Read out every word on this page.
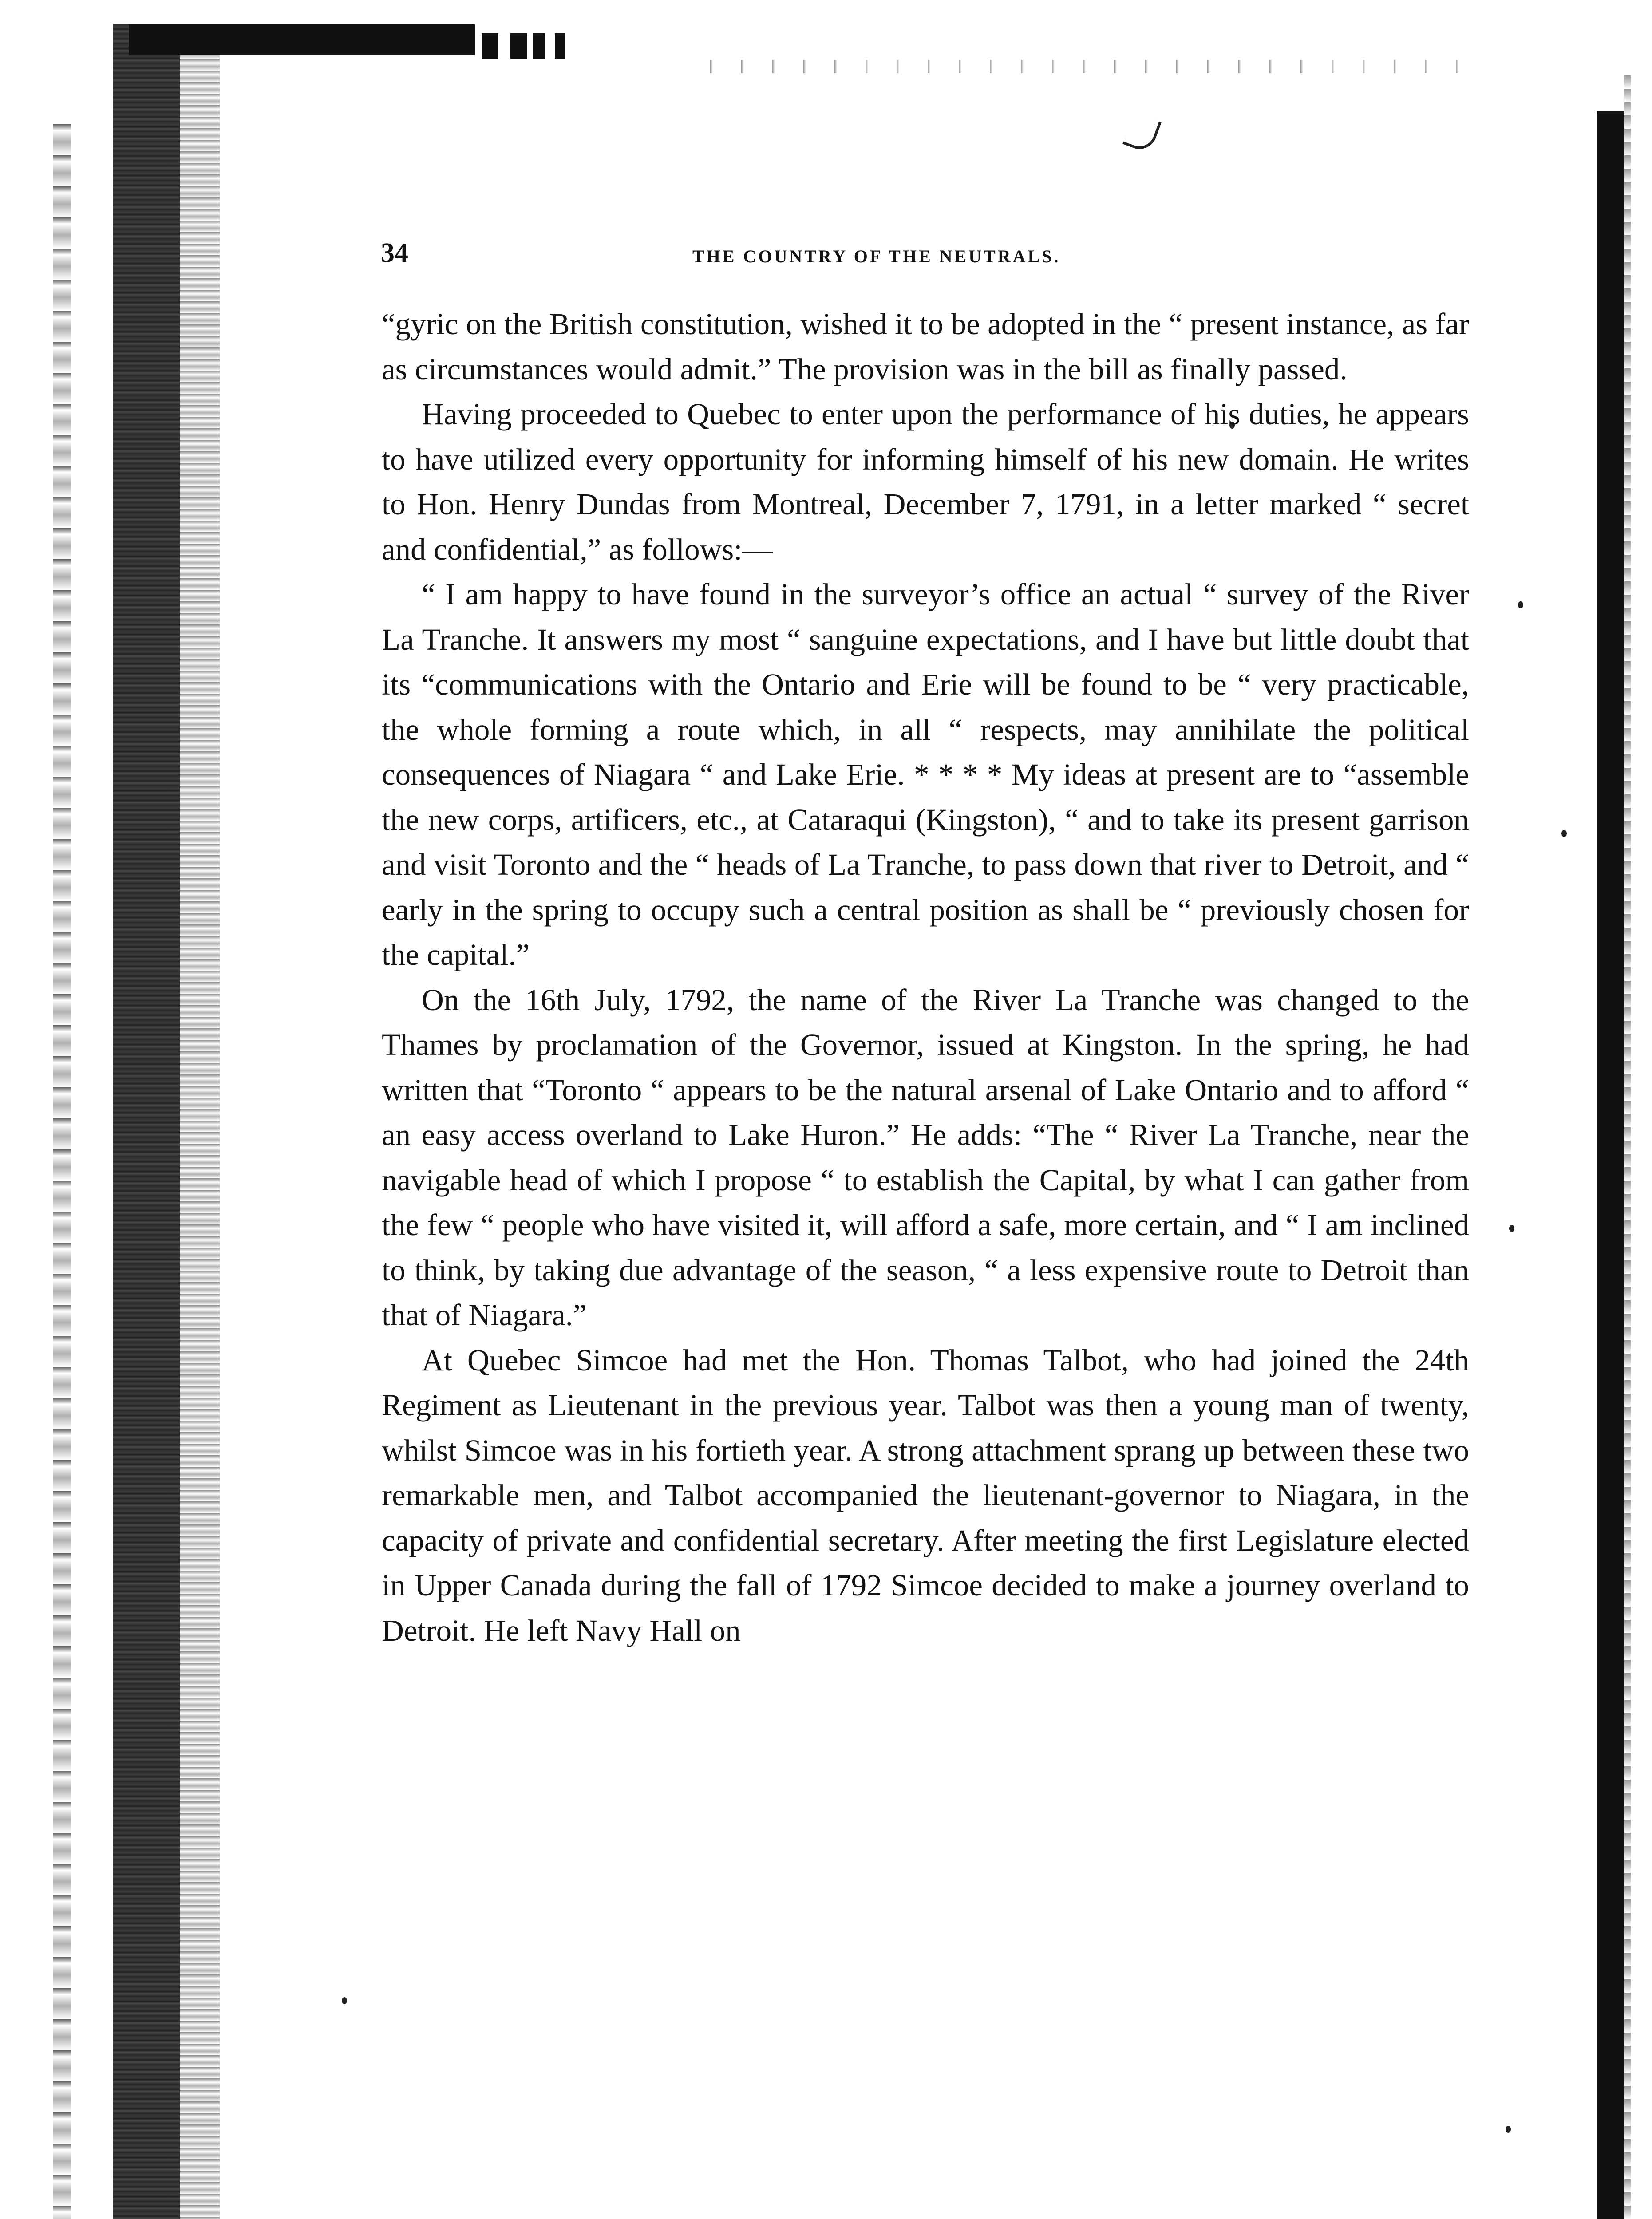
34	THE COUNTRY OF THE NEUTRALS.

“gyric on the British constitution, wished it to be adopted in the “ present instance, as far as circumstances would admit.” The provision was in the bill as finally passed.

Having proceeded to Quebec to enter upon the performance of his duties, he appears to have utilized every opportunity for informing himself of his new domain. He writes to Hon. Henry Dundas from Montreal, December 7, 1791, in a letter marked “ secret and confidential,” as follows:—

“ I am happy to have found in the surveyor’s office an actual “ survey of the River La Tranche. It answers my most “ sanguine expectations, and I have but little doubt that its “communications with the Ontario and Erie will be found to be “ very practicable, the whole forming a route which, in all “ respects, may annihilate the political consequences of Niagara “ and Lake Erie. * * * * My ideas at present are to “assemble the new corps, artificers, etc., at Cataraqui (Kingston), “ and to take its present garrison and visit Toronto and the “ heads of La Tranche, to pass down that river to Detroit, and “ early in the spring to occupy such a central position as shall be “ previously chosen for the capital.”

On the 16th July, 1792, the name of the River La Tranche was changed to the Thames by proclamation of the Governor, issued at Kingston. In the spring, he had written that “Toronto “ appears to be the natural arsenal of Lake Ontario and to afford “ an easy access overland to Lake Huron.” He adds: “The “ River La Tranche, near the navigable head of which I propose “ to establish the Capital, by what I can gather from the few “ people who have visited it, will afford a safe, more certain, and “ I am inclined to think, by taking due advantage of the season, “ a less expensive route to Detroit than that of Niagara.”

At Quebec Simcoe had met the Hon. Thomas Talbot, who had joined the 24th Regiment as Lieutenant in the previous year. Talbot was then a young man of twenty, whilst Simcoe was in his fortieth year. A strong attachment sprang up between these two remarkable men, and Talbot accompanied the lieutenant-governor to Niagara, in the capacity of private and confidential secretary. After meeting the first Legislature elected in Upper Canada during the fall of 1792 Simcoe decided to make a journey overland to Detroit. He left Navy Hall on
